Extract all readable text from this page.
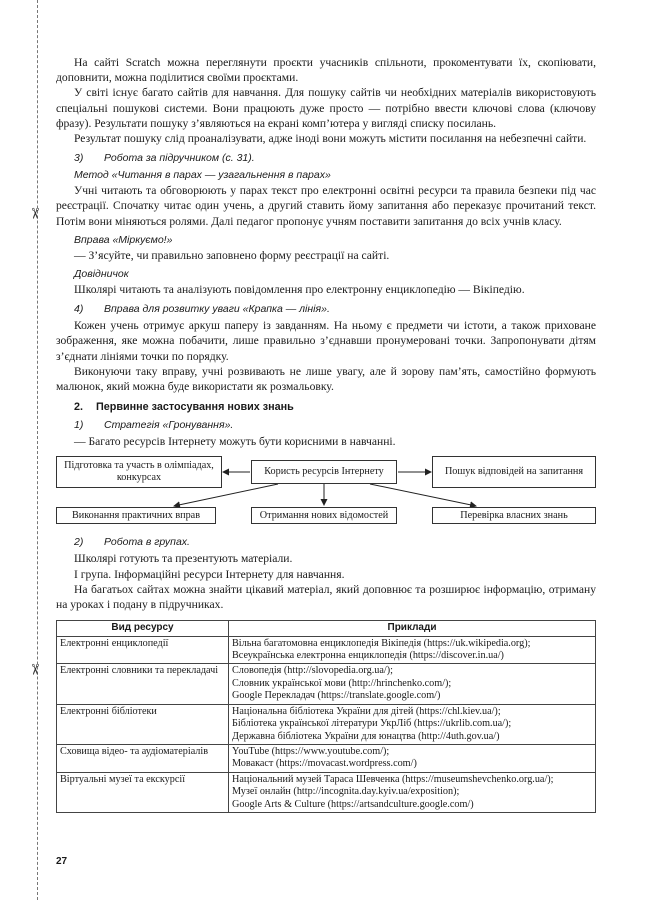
✂
✂

На сайті Scratch можна переглянути проєкти учасників спільноти, прокоментувати їх, скопіювати, доповнити, можна поділитися своїми проєктами.

У світі існує багато сайтів для навчання. Для пошуку сайтів чи необхідних матеріалів використовують спеціальні пошукові системи. Вони працюють дуже просто — потрібно ввести ключові слова (ключову фразу). Результати пошуку з’являються на екрані комп’ютера у вигляді списку посилань.

Результат пошуку слід проаналізувати, адже іноді вони можуть містити посилання на небезпечні сайти.

3) Робота за підручником (с. 31).
Метод «Читання в парах — узагальнення в парах»

Учні читають та обговорюють у парах текст про електронні освітні ресурси та правила безпеки під час реєстрації. Спочатку читає один учень, а другий ставить йому запитання або переказує прочитаний текст. Потім вони міняються ролями. Далі педагог пропонує учням поставити запитання до всіх учнів класу.

Вправа «Міркуємо!»

— З’ясуйте, чи правильно заповнено форму реєстрації на сайті.

Довідничок

Школярі читають та аналізують повідомлення про електронну енциклопедію — Вікіпедію.

4) Вправа для розвитку уваги «Крапка — лінія».

Кожен учень отримує аркуш паперу із завданням. На ньому є предмети чи істоти, а також приховане зображення, яке можна побачити, лише правильно з’єднавши пронумеровані точки. Запропонувати дітям з’єднати лініями точки по порядку.

Виконуючи таку вправу, учні розвивають не лише увагу, але й зорову пам’ять, самостійно формують малюнок, який можна буде використати як розмальовку.

2. Первинне застосування нових знань
1) Стратегія «Гронування».

— Багато ресурсів Інтернету можуть бути корисними в навчанні.

Підготовка та участь в олімпіадах, конкурсах
Користь ресурсів Інтернету	Пошук відповідей на запитання
Виконання практичних вправ	Отримання нових відомостей	Перевірка власних знань
2) Робота в групах.

Школярі готують та презентують матеріали.

І група. Інформаційні ресурси Інтернету для навчання.

На багатьох сайтах можна знайти цікавий матеріал, який доповнює та розширює інформацію, отриману на уроках і подану в підручниках.

Вид ресурсу	Приклади
Електронні енциклопедії	Вільна багатомовна енциклопедія Вікіпедія (https://uk.wikipedia.org);
Всеукраїнська електронна енциклопедія (https://discover.in.ua/)

Електронні словники та перекладачі	Словопедія (http://slovopedia.org.ua/);
Словник української мови (http://hrinchenko.com/);
Google Перекладач (https://translate.google.com/)

Електронні бібліотеки	Національна бібліотека України для дітей (https://chl.kiev.ua/);
Бібліотека української літератури УкрЛіб (https://ukrlib.com.ua/);
Державна бібліотека України для юнацтва (http://4uth.gov.ua/)

Сховища відео- та аудіоматеріалів	YouTube (https://www.youtube.com/);
Мовакаст (https://movacast.wordpress.com/)

Віртуальні музеї та екскурсії	Національний музей Тараса Шевченка (https://museumshevchenko.org.ua/);
Музеї онлайн (http://incognita.day.kyiv.ua/exposition);
Google Arts & Culture (https://artsandculture.google.com/)
27
